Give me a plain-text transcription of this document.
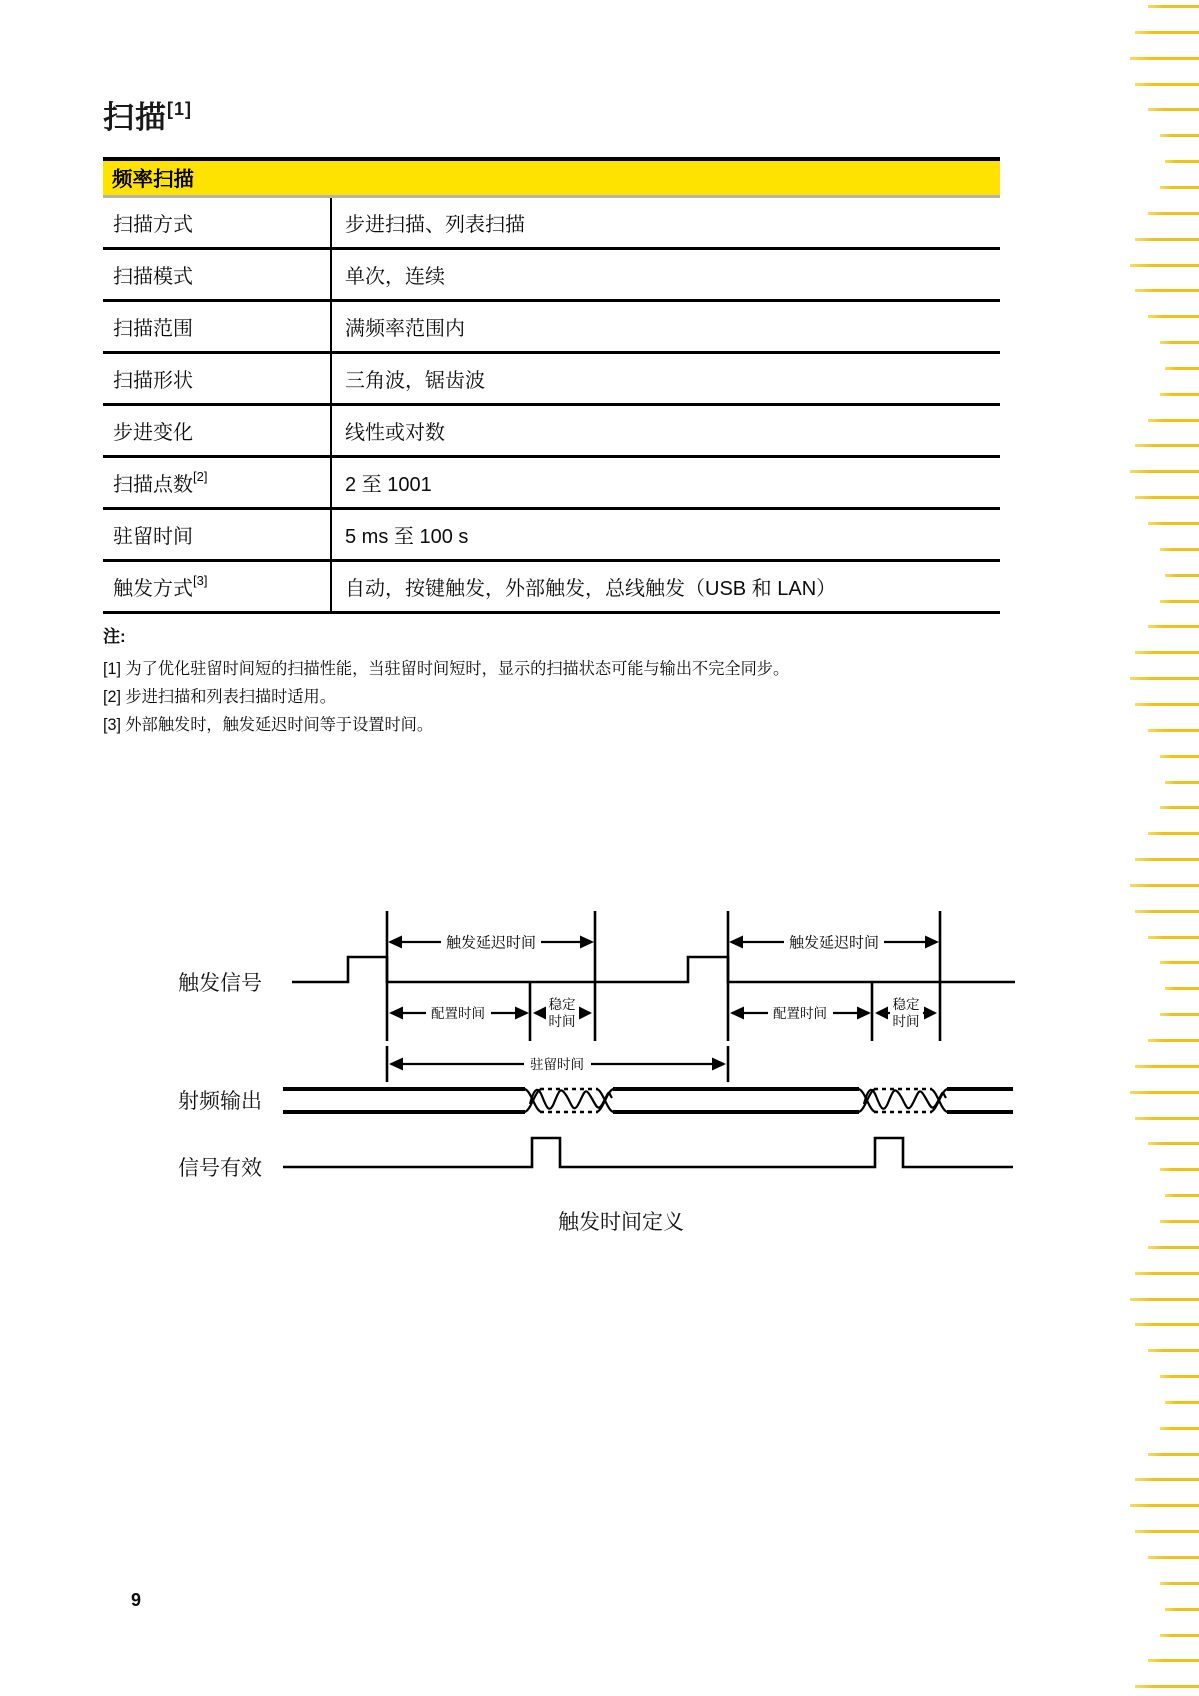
扫描[1]
频率扫描
扫描方式	步进扫描、列表扫描
扫描模式	单次，连续
扫描范围	满频率范围内
扫描形状	三角波，锯齿波
步进变化	线性或对数
扫描点数[2]	2 至 1001
驻留时间	5 ms 至 100 s
触发方式[3]	自动，按键触发，外部触发，总线触发（USB 和 LAN）
注:
[1] 为了优化驻留时间短的扫描性能，当驻留时间短时，显示的扫描状态可能与输出不完全同步。
[2] 步进扫描和列表扫描时适用。
[3] 外部触发时，触发延迟时间等于设置时间。
触发信号
触发延迟时间	触发延迟时间
配置时间	配置时间
稳定
时间
稳定
时间
驻留时间
射频输出
信号有效
触发时间定义
9
